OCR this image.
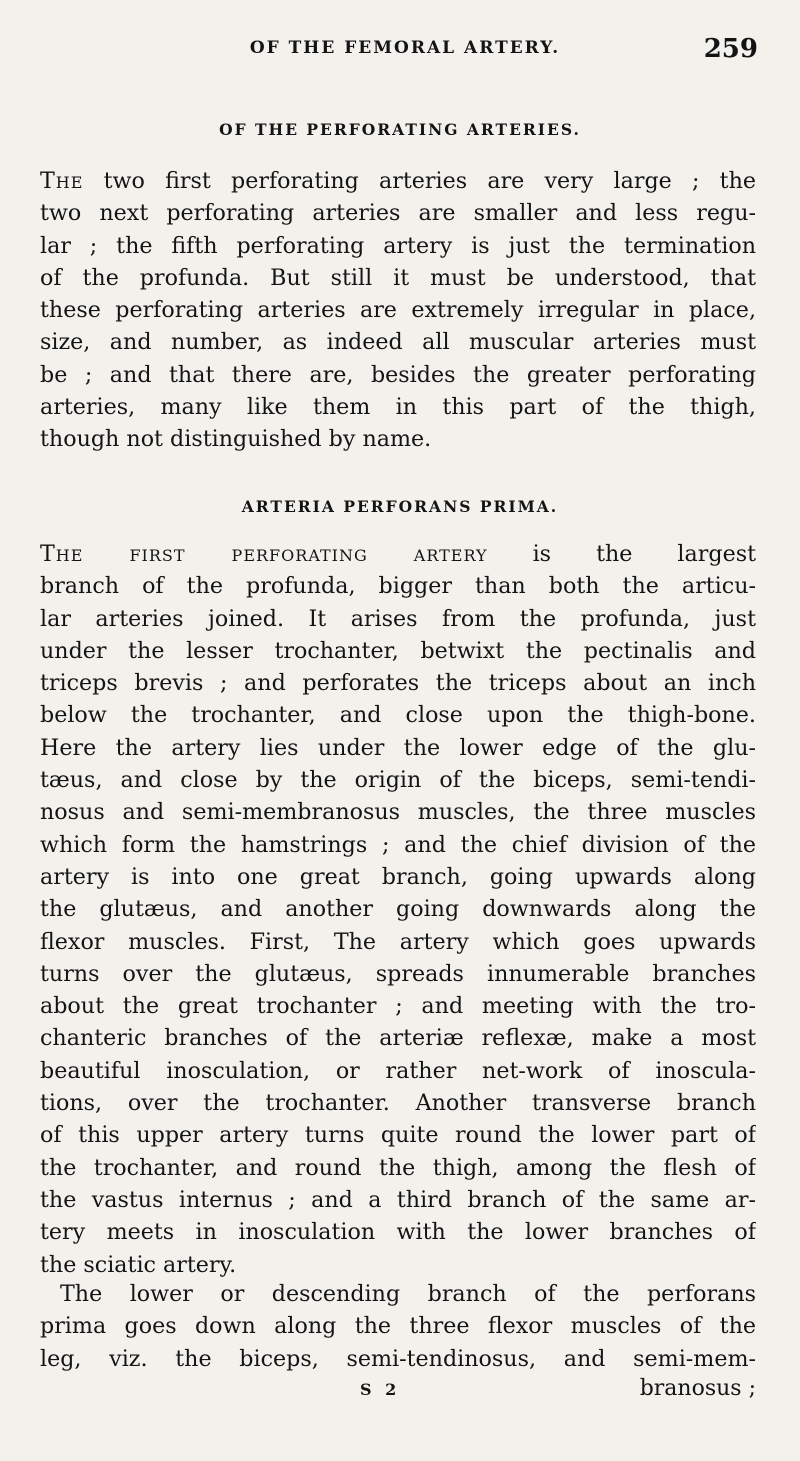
OF THE FEMORAL ARTERY.	259
OF THE PERFORATING ARTERIES.
The two first perforating arteries are very large ; the
two next perforating arteries are smaller and less regu-
lar ; the fifth perforating artery is just the termination
of the profunda. But still it must be understood, that
these perforating arteries are extremely irregular in place,
size, and number, as indeed all muscular arteries must
be ; and that there are, besides the greater perforating
arteries, many like them in this part of the thigh,
though not distinguished by name.
ARTERIA PERFORANS PRIMA.
The first perforating artery is the largest
branch of the profunda, bigger than both the articu-
lar arteries joined. It arises from the profunda, just
under the lesser trochanter, betwixt the pectinalis and
triceps brevis ; and perforates the triceps about an inch
below the trochanter, and close upon the thigh-bone.
Here the artery lies under the lower edge of the glu-
tæus, and close by the origin of the biceps, semi-tendi-
nosus and semi-membranosus muscles, the three muscles
which form the hamstrings ; and the chief division of the
artery is into one great branch, going upwards along
the glutæus, and another going downwards along the
flexor muscles. First, The artery which goes upwards
turns over the glutæus, spreads innumerable branches
about the great trochanter ; and meeting with the tro-
chanteric branches of the arteriæ reflexæ, make a most
beautiful inosculation, or rather net-work of inoscula-
tions, over the trochanter. Another transverse branch
of this upper artery turns quite round the lower part of
the trochanter, and round the thigh, among the flesh of
the vastus internus ; and a third branch of the same ar-
tery meets in inosculation with the lower branches of
the sciatic artery.
The lower or descending branch of the perforans
prima goes down along the three flexor muscles of the
leg, viz. the biceps, semi-tendinosus, and semi-mem-
S 2	branosus ;
